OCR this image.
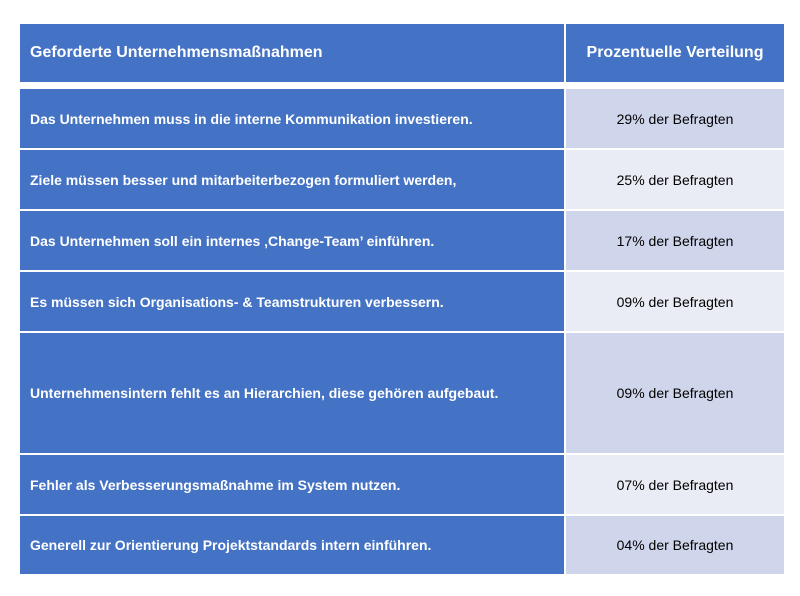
Geforderte Unternehmensmaßnahmen	Prozentuelle Verteilung
Das Unternehmen muss in die interne Kommunikation investieren.	29% der Befragten
Ziele müssen besser und mitarbeiterbezogen formuliert werden,	25% der Befragten
Das Unternehmen soll ein internes ‚Change-Team’ einführen.	17% der Befragten
Es müssen sich Organisations- & Teamstrukturen verbessern.	09% der Befragten
Unternehmensintern fehlt es an Hierarchien, diese gehören aufgebaut.	09% der Befragten
Fehler als Verbesserungsmaßnahme im System nutzen.	07% der Befragten
Generell zur Orientierung Projektstandards intern einführen.	04% der Befragten
